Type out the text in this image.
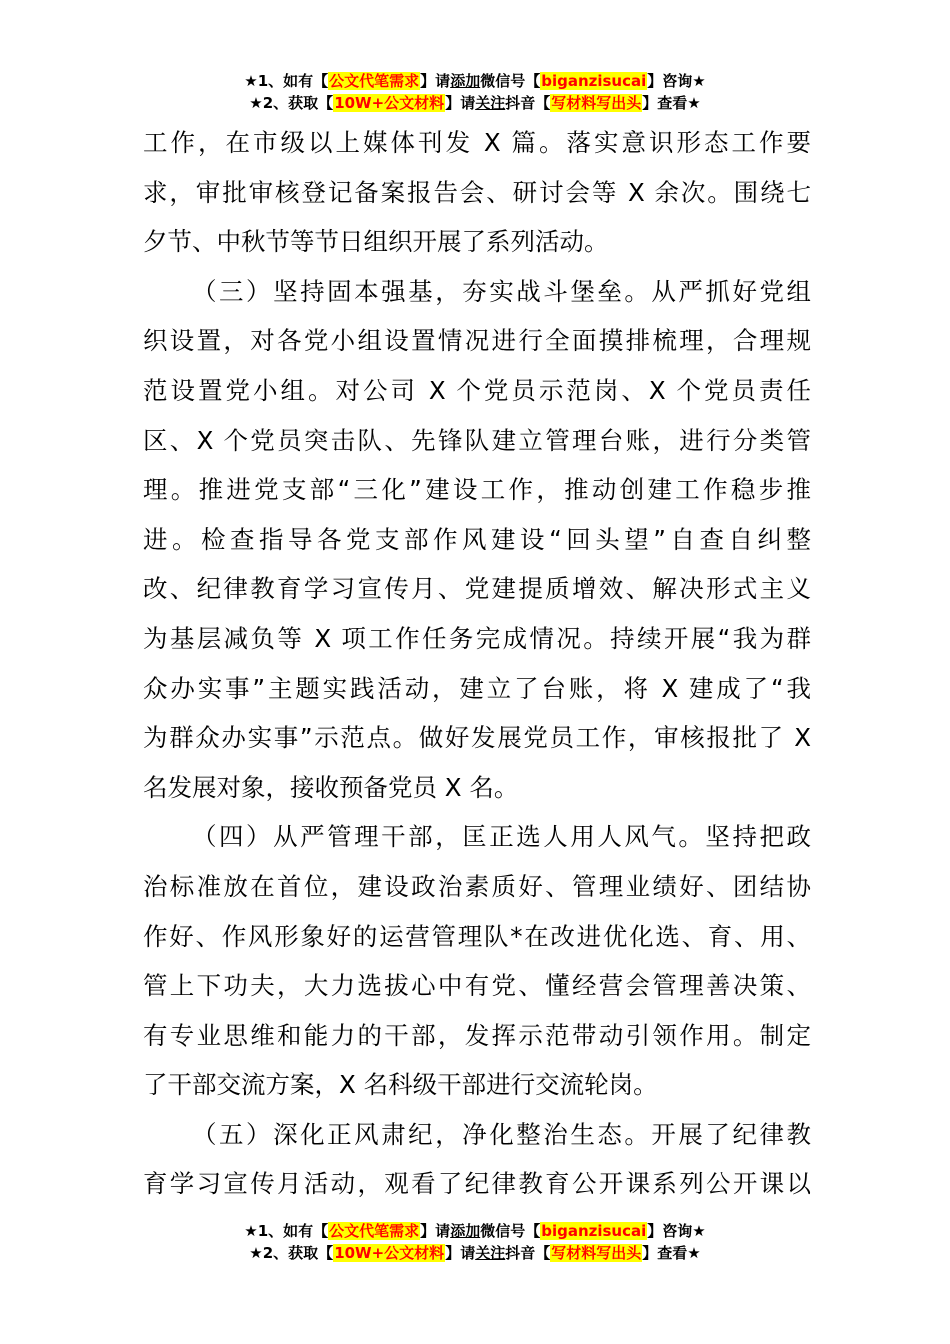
★1、如有【公文代笔需求】请添加微信号【biganzisucai】咨询★
★2、获取【10W+公文材料】请关注抖音【写材料写出头】查看★
工作，在市级以上媒体刊发 X 篇。落实意识形态工作要
求，审批审核登记备案报告会、研讨会等 X 余次。围绕七
夕节、中秋节等节日组织开展了系列活动。
（三）坚持固本强基，夯实战斗堡垒。从严抓好党组
织设置，对各党小组设置情况进行全面摸排梳理，合理规
范设置党小组。对公司 X 个党员示范岗、X 个党员责任
区、X 个党员突击队、先锋队建立管理台账，进行分类管
理。推进党支部“三化”建设工作，推动创建工作稳步推
进。检查指导各党支部作风建设“回头望”自查自纠整
改、纪律教育学习宣传月、党建提质增效、解决形式主义
为基层减负等 X 项工作任务完成情况。持续开展“我为群
众办实事”主题实践活动，建立了台账，将 X 建成了“我
为群众办实事”示范点。做好发展党员工作，审核报批了 X
名发展对象，接收预备党员 X 名。
（四）从严管理干部，匡正选人用人风气。坚持把政
治标准放在首位，建设政治素质好、管理业绩好、团结协
作好、作风形象好的运营管理队*在改进优化选、育、用、
管上下功夫，大力选拔心中有党、懂经营会管理善决策、
有专业思维和能力的干部，发挥示范带动引领作用。制定
了干部交流方案，X 名科级干部进行交流轮岗。
（五）深化正风肃纪，净化整治生态。开展了纪律教
育学习宣传月活动，观看了纪律教育公开课系列公开课以
★1、如有【公文代笔需求】请添加微信号【biganzisucai】咨询★
★2、获取【10W+公文材料】请关注抖音【写材料写出头】查看★
